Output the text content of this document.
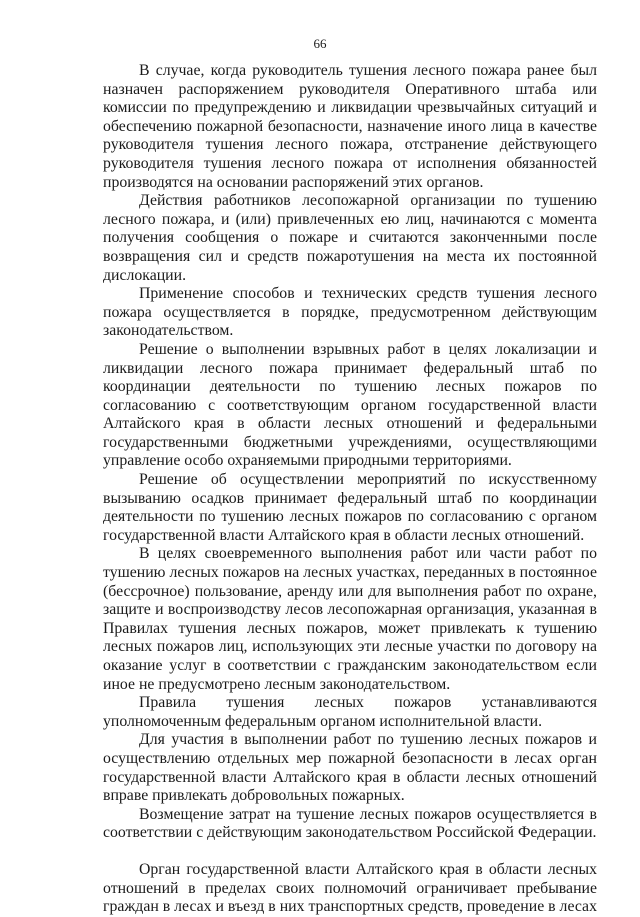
66

В случае, когда руководитель тушения лесного пожара ранее был назначен распоряжением руководителя Оперативного штаба или комиссии по предупреждению и ликвидации чрезвычайных ситуаций и обеспечению пожарной безопасности, назначение иного лица в качестве руководителя тушения лесного пожара, отстранение действующего руководителя тушения лесного пожара от исполнения обязанностей производятся на основании распоряжений этих органов.

Действия работников лесопожарной организации по тушению лесного пожара, и (или) привлеченных ею лиц, начинаются с момента получения сообщения о пожаре и считаются законченными после возвращения сил и средств пожаротушения на места их постоянной дислокации.

Применение способов и технических средств тушения лесного пожара осуществляется в порядке, предусмотренном действующим законодательством.

Решение о выполнении взрывных работ в целях локализации и ликвидации лесного пожара принимает федеральный штаб по координации деятельности по тушению лесных пожаров по согласованию с соответствующим органом государственной власти Алтайского края в области лесных отношений и федеральными государственными бюджетными учреждениями, осуществляющими управление особо охраняемыми природными территориями.

Решение об осуществлении мероприятий по искусственному вызыванию осадков принимает федеральный штаб по координации деятельности по тушению лесных пожаров по согласованию с органом государственной власти Алтайского края в области лесных отношений.

В целях своевременного выполнения работ или части работ по тушению лесных пожаров на лесных участках, переданных в постоянное (бессрочное) пользование, аренду или для выполнения работ по охране, защите и воспроизводству лесов лесопожарная организация, указанная в Правилах тушения лесных пожаров, может привлекать к тушению лесных пожаров лиц, использующих эти лесные участки по договору на оказание услуг в соответствии с гражданским законодательством если иное не предусмотрено лесным законодательством.

Правила тушения лесных пожаров устанавливаются уполномоченным федеральным органом исполнительной власти.

Для участия в выполнении работ по тушению лесных пожаров и осуществлению отдельных мер пожарной безопасности в лесах орган государственной власти Алтайского края в области лесных отношений вправе привлекать добровольных пожарных.

Возмещение затрат на тушение лесных пожаров осуществляется в соответствии с действующим законодательством Российской Федерации.

Орган государственной власти Алтайского края в области лесных отношений в пределах своих полномочий ограничивает пребывание граждан в лесах и въезд в них транспортных средств, проведение в лесах
